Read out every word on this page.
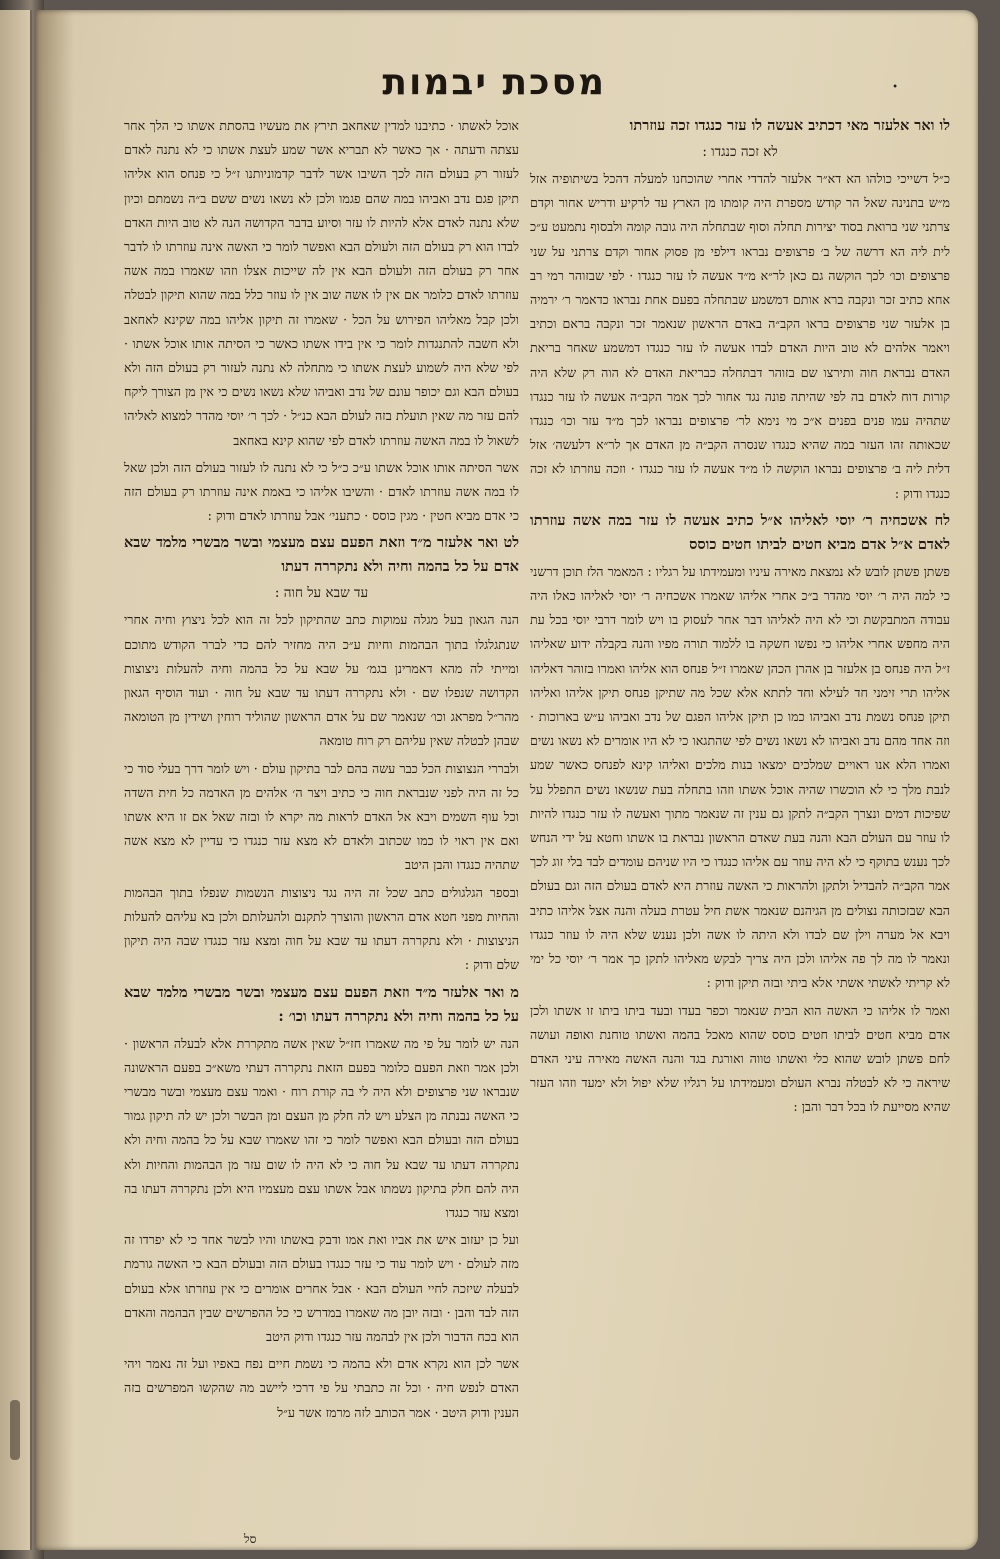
מסכת יבמות	•

לו ואר אלעזר מאי דכתיב אעשה לו עזר כנגדו זכה עוזרתו

לא זכה כנגדו :

כ״ל דשייכי כולהו הא דא״ר אלעזר להדדי אחרי שהוכחנו למעלה דהכל בשיתופיה אזל מ״ש בתנינה שאל הר קודש מספרת היה קומתו מן הארץ עד לרקיע ודריש אחור וקדם צרתני שני ברואת בסוד יצירות תחלה וסוף שבתחלה היה גובה קומה ולבסוף נתמעט ע״כ לית ליה הא דרשה של ב׳ פרצופים נבראו דילפי מן פסוק אחור וקדם צרתני על שני פרצופים וכו׳ לכך הוקשה גם כאן לר״א מ״ד אעשה לו עזר כנגדו · לפי שבזוהר רמי רב אחא כתיב זכר ונקבה ברא אותם דמשמע שבתחלה בפעם אחת נבראו כדאמר ר׳ ירמיה בן אלעזר שני פרצופים בראו הקב״ה באדם הראשון שנאמר זכר ונקבה בראם וכתיב ויאמר אלהים לא טוב היות האדם לבדו אעשה לו עזר כנגדו דמשמע שאחר בריאת האדם נבראת חוה ותירצו שם בזוהר דבתחלה כבריאת האדם לא הוה רק שלא היה קורות דוח לאדם בה לפי שהיתה פונה נגד אחור לכך אמר הקב״ה אעשה לו עזר כנגדו שתהיה עמו פנים בפנים א״כ מי נימא לר׳ פרצופים נבראו לכך מ״ד עזר וכו׳ כנגדו שכאותה זהו העזר במה שהיא כנגדו שנסרה הקב״ה מן האדם אך לר״א דלעשה׳ אזל דלית ליה ב׳ פרצופים נבראו הוקשה לו מ״ד אעשה לו עזר כנגדו · וזכה עוזרתו לא זכה כנגדו ודוק :

לח אשכחיה ר׳ יוסי לאליהו א״ל כתיב אעשה לו עזר במה אשה עוזרתו לאדם א״ל אדם מביא חטים לביתו חטים כוסס

פשתן פשתן לובש לא נמצאת מאירה עיניו ומעמידתו על רגליו : המאמר הלז תוכן דרשני כי למה היה ר׳ יוסי מהדר ב״כ אחרי אליהו שאמרו אשכחיה ר׳ יוסי לאליהו כאלו היה עבודה המתבקשת וכי לא היה לאליהו דבר אחר לעסוק בו ויש לומר דרבי יוסי בכל עת היה מחפש אחרי אליהו כי נפשו חשקה בו ללמוד תורה מפיו והנה בקבלה ידוע שאליהו ז״ל היה פנחס בן אלעזר בן אהרן הכהן שאמרו ז״ל פנחס הוא אליהו ואמרו בזוהר דאליהו אליהו תרי זימני חד לעילא וחד לתתא אלא שכל מה שתיקן פנחס תיקן אליהו ואליהו תיקן פנחס נשמת נדב ואביהו כמו כן תיקן אליהו הפגם של נדב ואביהו ע״ש בארוכות · וזה אחד מהם נדב ואביהו לא נשאו נשים לפי שהתגאו כי לא היו אומרים לא נשאו נשים ואמרו הלא אנו ראויים שמלכים ימצאו בנות מלכים ואליהו קינא לפנחס כאשר שמע לנבת מלך כי לא הוכשרו שהיה אוכל אשתו וזהו בתחלה בעת שנשאו נשים התפלל על שפיכות דמים ונצרך הקב״ה לתקן גם ענין זה שנאמר מתוך ואעשה לו עזר כנגדו להיות לו עוזר עם העולם הבא והנה בעת שאדם הראשון נבראת בו אשתו וחטא על ידי הנחש לכך נענש בתוקף כי לא היה עוזר עם אליהו כנגדו כי היו שניהם עומדים לבד בלי זוג לכך אמר הקב״ה להבדיל ולתקן ולהראות כי האשה עוזרת היא לאדם בעולם הזה וגם בעולם הבא שבזכותה נצולים מן הגיהנם שנאמר אשת חיל עטרת בעלה והנה אצל אליהו כתיב ויבא אל מערה וילן שם לבדו ולא היתה לו אשה ולכן נענש שלא היה לו עוזר כנגדו ונאמר לו מה לך פה אליהו ולכן היה צריך לבקש מאליהו לתקן כך אמר ר׳ יוסי כל ימי לא קריתי לאשתי אשתי אלא ביתי ובזה תיקן ודוק :

ואמר לו אליהו כי האשה הוא הבית שנאמר וכפר בעדו ובעד ביתו ביתו זו אשתו ולכן אדם מביא חטים לביתו חטים כוסס שהוא מאכל בהמה ואשתו טוחנת ואופה ועושה לחם פשתן לובש שהוא כלי ואשתו טווה ואורגת בגד והנה האשה מאירה עיני האדם שיראה כי לא לבטלה נברא העולם ומעמידתו על רגליו שלא יפול ולא ימעד וזהו העזר שהיא מסייעת לו בכל דבר והבן :

אוכל לאשתו · כתיבנו למדין שאחאב תירץ את מעשיו בהסתת אשתו כי הלך אחר עצתה ודעתה · אך כאשר לא תבריא אשר שמע לעצת אשתו כי לא נתנה לאדם לעזור רק בעולם הזה לכך השיבו אשר לדבר קדמוניותנו ז״ל כי פנחס הוא אליהו תיקן פגם נדב ואביהו במה שהם פגמו ולכן לא נשאו נשים ששם ב״ה נשמתם וכיון שלא נתנה לאדם אלא להיות לו עזר וסיוע בדבר הקדושה הנה לא טוב היות האדם לבדו הוא רק בעולם הזה ולעולם הבא ואפשר לומר כי האשה אינה עוזרתו לו לדבר אחר רק בעולם הזה ולעולם הבא אין לה שייכות אצלו וזהו שאמרו במה אשה עוזרתו לאדם כלומר אם אין לו אשה שוב אין לו עוזר כלל במה שהוא תיקון לבטלה ולכן קבל מאליהו הפירוש על הכל · שאמרו זה תיקון אליהו במה שקינא לאחאב ולא חשבה להתנגדות לומר כי אין בידו אשתו כאשר כי הסיתה אותו אוכל אשתו · לפי שלא היה לשמוע לעצת אשתו כי מתחלה לא נתנה לעזור רק בעולם הזה ולא בעולם הבא וגם יכופר עונם של נדב ואביהו שלא נשאו נשים כי אין מן הצורך ליקח להם עזר מה שאין תועלת בזה לעולם הבא כנ״ל · לכך ר׳ יוסי מהדר למצוא לאליהו לשאול לו במה האשה עוזרתו לאדם לפי שהוא קינא באחאב

אשר הסיתה אותו אוכל אשתו ע״כ כ״ל כי לא נתנה לו לעזור בעולם הזה ולכן שאל לו במה אשה עוזרתו לאדם · והשיבו אליהו כי באמת אינה עוזרתו רק בעולם הזה כי אדם מביא חטין · מגין כוסס · כתעני׳ אבל עוזרתו לאדם ודוק :

לט ואר אלעזר מ״ד וזאת הפעם עצם מעצמי ובשר מבשרי מלמד שבא אדם על כל בהמה וחיה ולא נתקררה דעתו

עד שבא על חוה :

הנה הגאון בעל מגלה עמוקות כתב שהתיקון לכל זה הוא לכל ניצוץ וחיה אחרי שנתגלגלו בתוך הבהמות וחיות ע״כ היה מחזיר להם כדי לברר הקודש מתוכם ומייתי לה מהא דאמרינן בגמ׳ על שבא על כל בהמה וחיה להעלות ניצוצות הקדושה שנפלו שם · ולא נתקררה דעתו עד שבא על חוה · ועוד הוסיף הגאון מהר״ל מפראג וכו׳ שנאמר שם על אדם הראשון שהוליד רוחין ושידין מן הטומאה שבהן לבטלה שאין עליהם רק רוח טומאה

ולבררי הנצוצות הכל כבר עשה בהם לבר בתיקון עולם · ויש לומר דרך בעלי סוד כי כל זה היה לפני שנבראת חוה כי כתיב ויצר ה׳ אלהים מן האדמה כל חית השדה וכל עוף השמים ויבא אל האדם לראות מה יקרא לו ובזה שאל אם זו היא אשתו ואם אין ראוי לו כמו שכתוב ולאדם לא מצא עזר כנגדו כי עדיין לא מצא אשה שתהיה כנגדו והבן היטב

ובספר הגלגולים כתב שכל זה היה נגד ניצוצות הנשמות שנפלו בתוך הבהמות והחיות מפני חטא אדם הראשון והוצרך לתקנם ולהעלותם ולכן בא עליהם להעלות הניצוצות · ולא נתקררה דעתו עד שבא על חוה ומצא עזר כנגדו שבה היה תיקון שלם ודוק :

מ ואר אלעזר מ״ד וזאת הפעם עצם מעצמי ובשר מבשרי מלמד שבא על כל בהמה וחיה ולא נתקררה דעתו וכו׳ :

הנה יש לומר על פי מה שאמרו חז״ל שאין אשה מתקררת אלא לבעלה הראשון · ולכן אמר וזאת הפעם כלומר בפעם הזאת נתקררה דעתי משא״כ בפעם הראשונה שנבראו שני פרצופים ולא היה לי בה קורת רוח · ואמר עצם מעצמי ובשר מבשרי כי האשה נבנתה מן הצלע ויש לה חלק מן העצם ומן הבשר ולכן יש לה תיקון גמור בעולם הזה ובעולם הבא ואפשר לומר כי זהו שאמרו שבא על כל בהמה וחיה ולא נתקררה דעתו עד שבא על חוה כי לא היה לו שום עזר מן הבהמות והחיות ולא היה להם חלק בתיקון נשמתו אבל אשתו עצם מעצמיו היא ולכן נתקררה דעתו בה ומצא עזר כנגדו

ועל כן יעזוב איש את אביו ואת אמו ודבק באשתו והיו לבשר אחד כי לא יפרדו זה מזה לעולם · ויש לומר עוד כי עזר כנגדו בעולם הזה ובעולם הבא כי האשה גורמת לבעלה שיזכה לחיי העולם הבא · אבל אחרים אומרים כי אין עוזרתו אלא בעולם הזה לבד והבן · ובזה יובן מה שאמרו במדרש כי כל ההפרשים שבין הבהמה והאדם הוא בכח הדבור ולכן אין לבהמה עזר כנגדו ודוק היטב

אשר לכן הוא נקרא אדם ולא בהמה כי נשמת חיים נפח באפיו ועל זה נאמר ויהי האדם לנפש חיה · וכל זה כתבתי על פי דרכי ליישב מה שהקשו המפרשים בזה הענין ודוק היטב · אמר הכותב לזה מרמז אשר ע״ל

סל
